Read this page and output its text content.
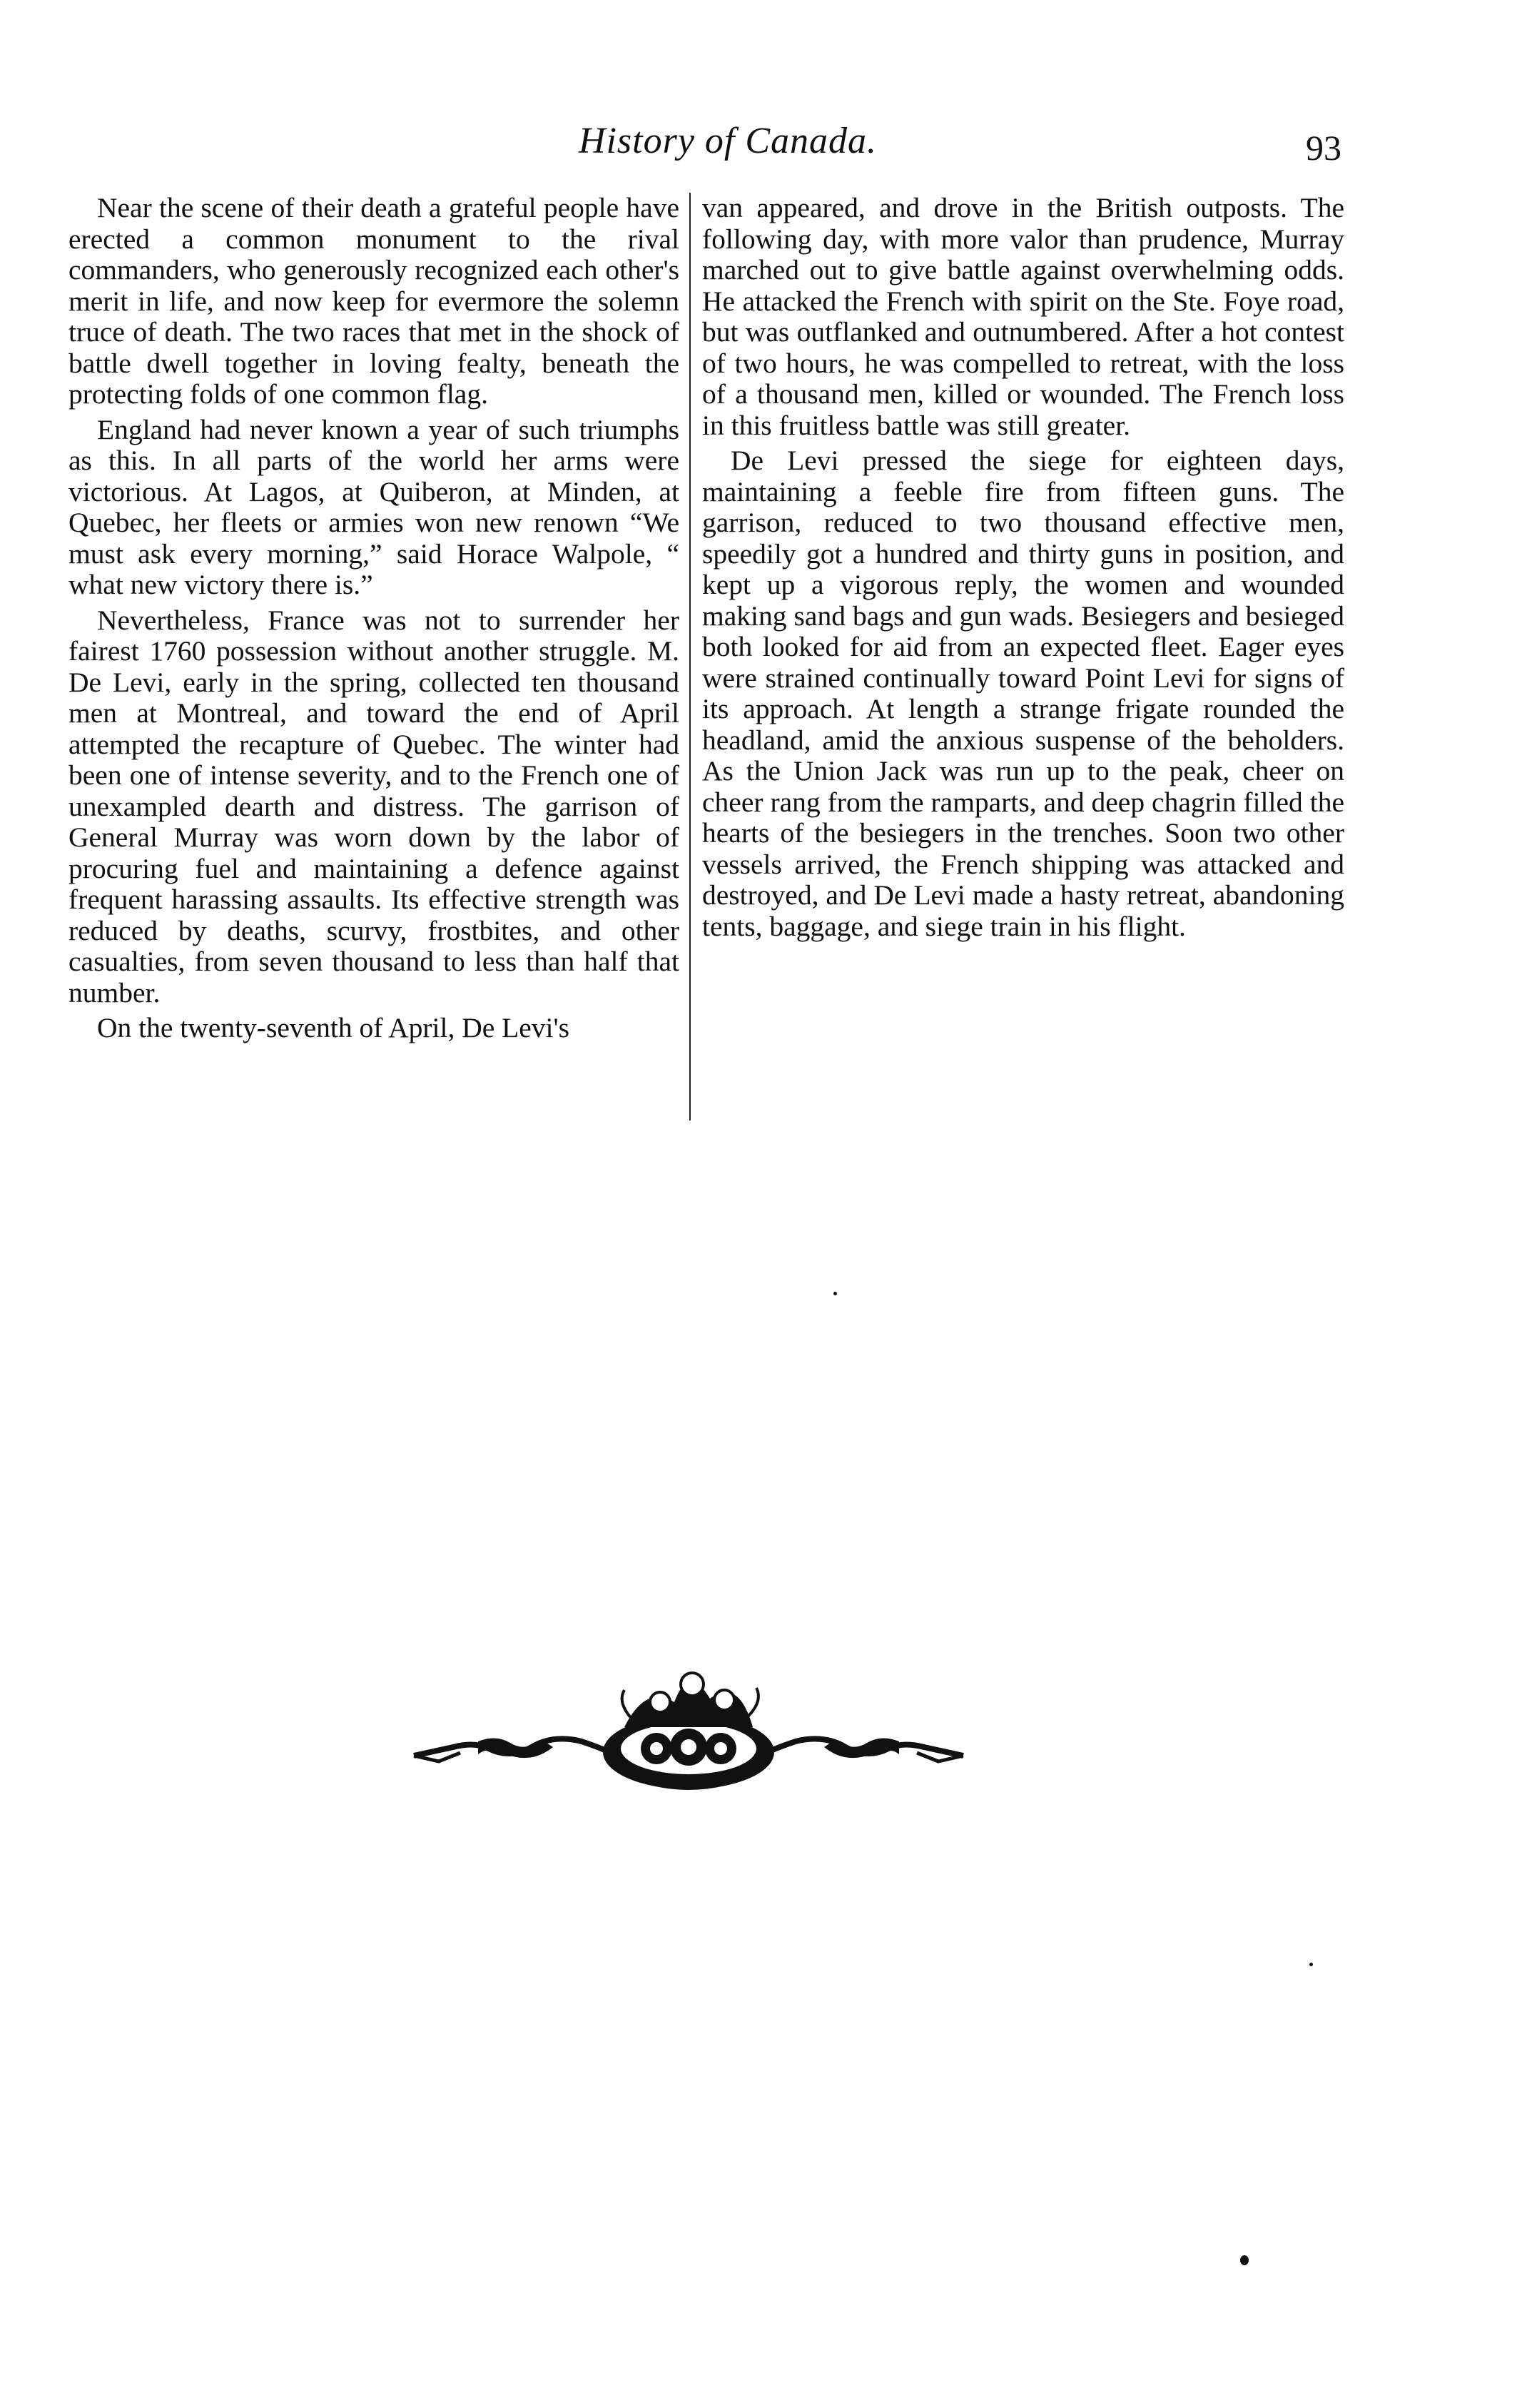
History of Canada.	93

Near the scene of their death a grateful people have erected a common monument to the rival commanders, who generously recognized each other's merit in life, and now keep for evermore the solemn truce of death. The two races that met in the shock of battle dwell together in loving fealty, beneath the protecting folds of one common flag.

England had never known a year of such triumphs as this. In all parts of the world her arms were victorious. At Lagos, at Quiberon, at Minden, at Quebec, her fleets or armies won new renown “We must ask every morning,” said Horace Walpole, “ what new victory there is.”

Nevertheless, France was not to surrender her fairest 1760 possession without another struggle. M. De Levi, early in the spring, collected ten thousand men at Montreal, and toward the end of April attempted the recapture of Quebec. The winter had been one of intense severity, and to the French one of unexampled dearth and distress. The garrison of General Murray was worn down by the labor of procuring fuel and maintaining a defence against frequent harassing assaults. Its effective strength was reduced by deaths, scurvy, frostbites, and other casualties, from seven thousand to less than half that number.

On the twenty-seventh of April, De Levi's

van appeared, and drove in the British outposts. The following day, with more valor than prudence, Murray marched out to give battle against overwhelming odds. He attacked the French with spirit on the Ste. Foye road, but was outflanked and outnumbered. After a hot contest of two hours, he was compelled to retreat, with the loss of a thousand men, killed or wounded. The French loss in this fruitless battle was still greater.

De Levi pressed the siege for eighteen days, maintaining a feeble fire from fifteen guns. The garrison, reduced to two thousand effective men, speedily got a hundred and thirty guns in position, and kept up a vigorous reply, the women and wounded making sand bags and gun wads. Besiegers and besieged both looked for aid from an expected fleet. Eager eyes were strained continually toward Point Levi for signs of its approach. At length a strange frigate rounded the headland, amid the anxious suspense of the beholders. As the Union Jack was run up to the peak, cheer on cheer rang from the ramparts, and deep chagrin filled the hearts of the besiegers in the trenches. Soon two other vessels arrived, the French shipping was attacked and destroyed, and De Levi made a hasty retreat, abandoning tents, baggage, and siege train in his flight.
